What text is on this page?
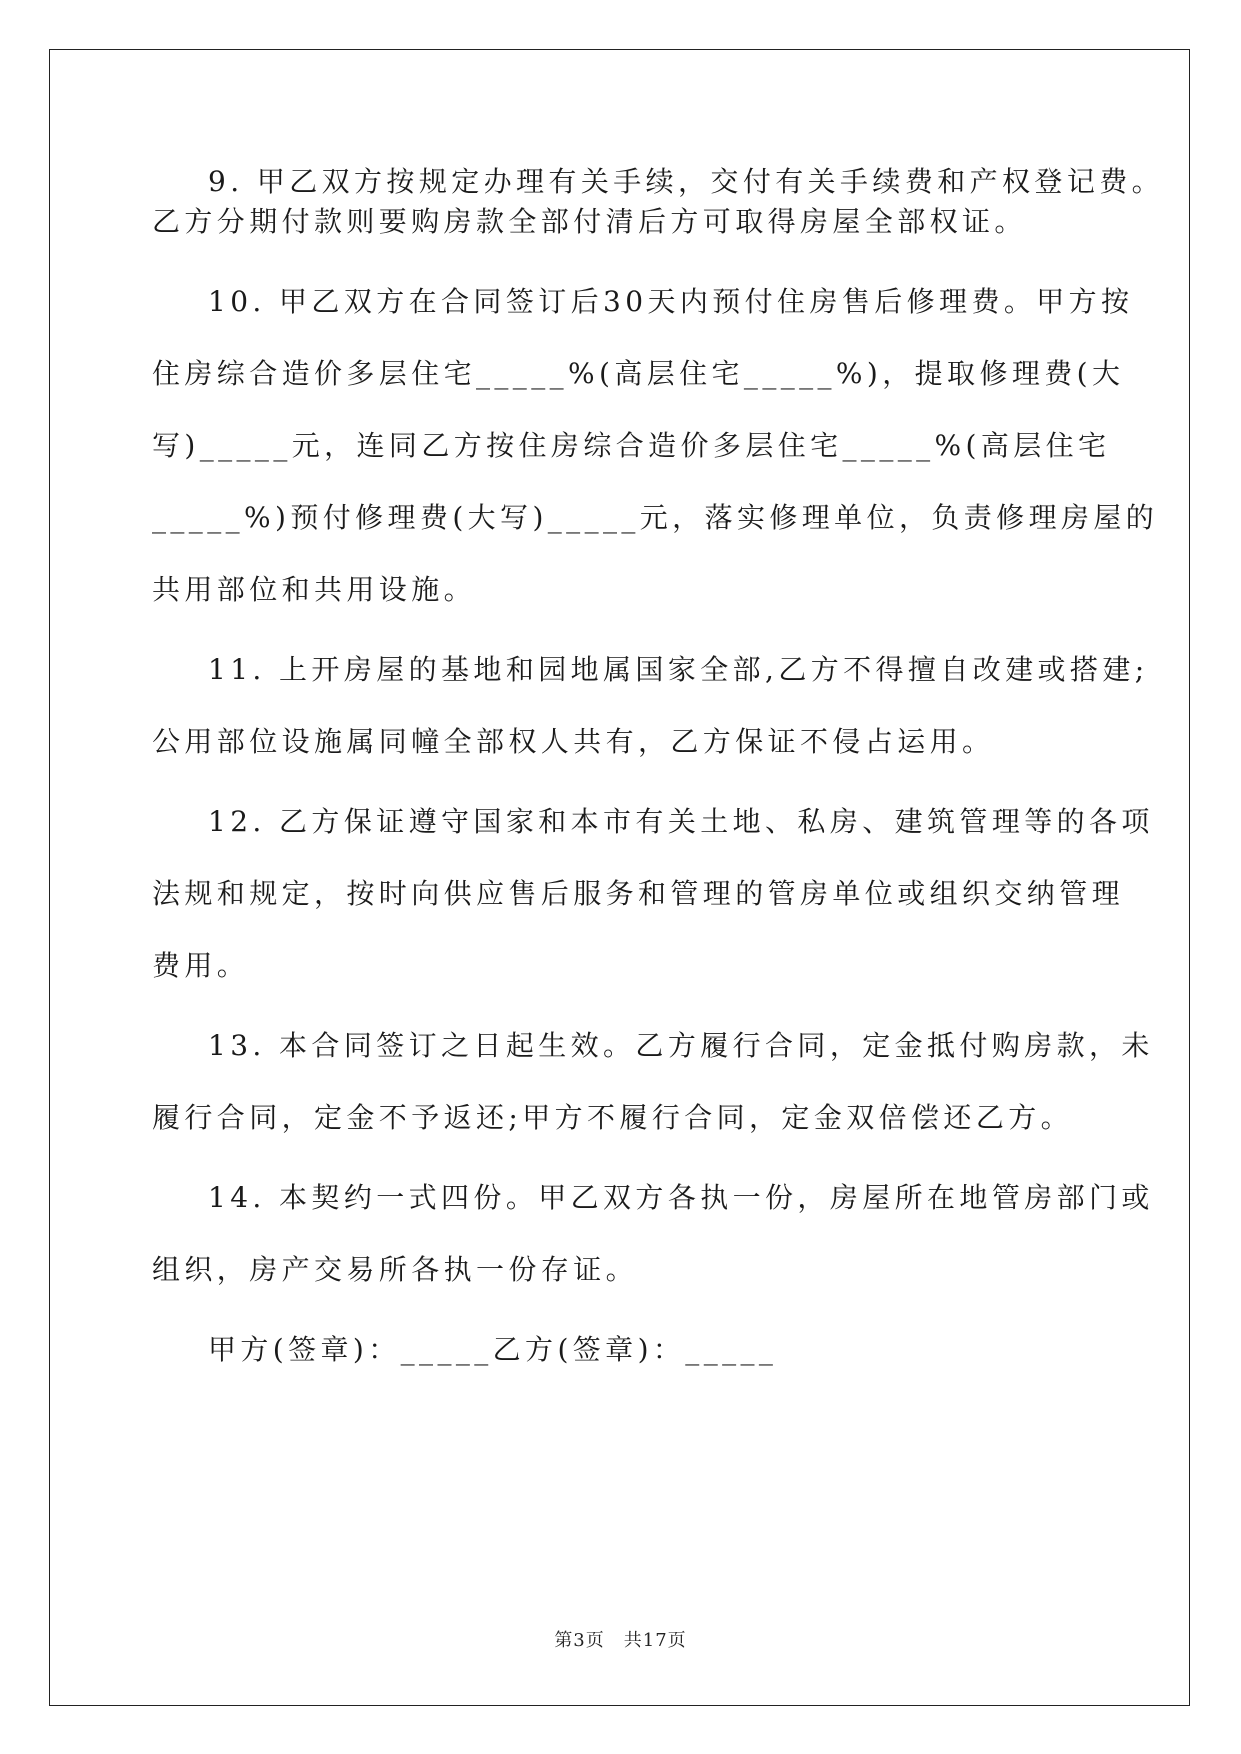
9. 甲乙双方按规定办理有关手续，交付有关手续费和产权登记费。
乙方分期付款则要购房款全部付清后方可取得房屋全部权证。
10. 甲乙双方在合同签订后30天内预付住房售后修理费。甲方按
住房综合造价多层住宅_____%(高层住宅_____%)，提取修理费(大
写)_____元，连同乙方按住房综合造价多层住宅_____%(高层住宅
_____%)预付修理费(大写)_____元，落实修理单位，负责修理房屋的
共用部位和共用设施。
11. 上开房屋的基地和园地属国家全部,乙方不得擅自改建或搭建;
公用部位设施属同幢全部权人共有，乙方保证不侵占运用。
12. 乙方保证遵守国家和本市有关土地、私房、建筑管理等的各项
法规和规定，按时向供应售后服务和管理的管房单位或组织交纳管理
费用。
13. 本合同签订之日起生效。乙方履行合同，定金抵付购房款，未
履行合同，定金不予返还;甲方不履行合同，定金双倍偿还乙方。
14. 本契约一式四份。甲乙双方各执一份，房屋所在地管房部门或
组织，房产交易所各执一份存证。
甲方(签章)：_____乙方(签章)：_____
第3页　共17页
